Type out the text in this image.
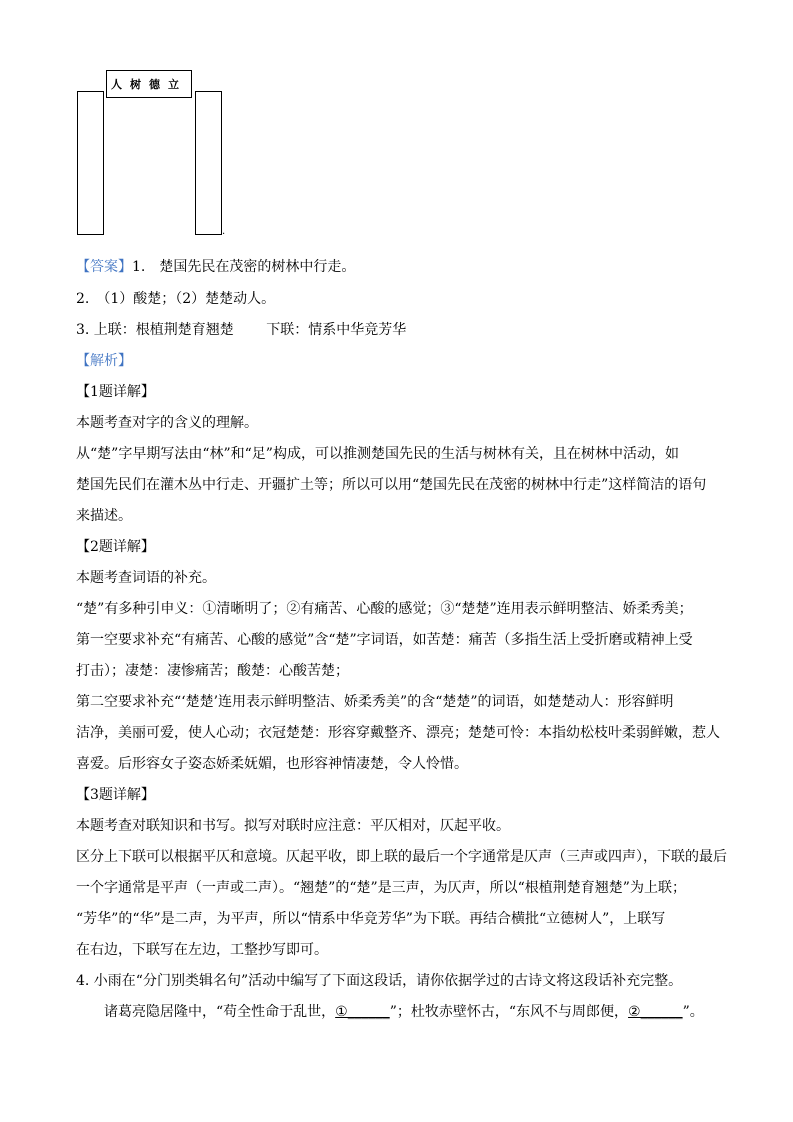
人树德立
.
【答案】1.　楚国先民在茂密的树林中行走。
2.　（1）酸楚；（2）楚楚动人。
3. 上联：根植荆楚育翘楚　　 下联：情系中华竞芳华
【解析】
【1题详解】
本题考查对字的含义的理解。
从“楚”字早期写法由“林”和“足”构成，可以推测楚国先民的生活与树林有关，且在树林中活动，如
楚国先民们在灌木丛中行走、开疆扩土等；所以可以用“楚国先民在茂密的树林中行走”这样简洁的语句
来描述。
【2题详解】
本题考查词语的补充。
“楚”有多种引申义：①清晰明了；②有痛苦、心酸的感觉；③“楚楚”连用表示鲜明整洁、娇柔秀美；
第一空要求补充“有痛苦、心酸的感觉”含“楚”字词语，如苦楚：痛苦（多指生活上受折磨或精神上受
打击）；凄楚：凄惨痛苦；酸楚：心酸苦楚；
第二空要求补充“‘楚楚’连用表示鲜明整洁、娇柔秀美”的含“楚楚”的词语，如楚楚动人：形容鲜明
洁净，美丽可爱，使人心动；衣冠楚楚：形容穿戴整齐、漂亮；楚楚可怜：本指幼松枝叶柔弱鲜嫩，惹人
喜爱。后形容女子姿态娇柔妩媚，也形容神情凄楚，令人怜惜。
【3题详解】
本题考查对联知识和书写。拟写对联时应注意：平仄相对，仄起平收。
区分上下联可以根据平仄和意境。仄起平收，即上联的最后一个字通常是仄声（三声或四声），下联的最后
一个字通常是平声（一声或二声）。“翘楚”的“楚”是三声，为仄声，所以“根植荆楚育翘楚”为上联；
“芳华”的“华”是二声，为平声，所以“情系中华竞芳华”为下联。再结合横批“立德树人”，上联写
在右边，下联写在左边，工整抄写即可。
4. 小雨在“分门别类辑名句”活动中编写了下面这段话，请你依据学过的古诗文将这段话补充完整。
诸葛亮隐居隆中，“苟全性命于乱世，①______”；杜牧赤壁怀古，“东风不与周郎便，②______”。
